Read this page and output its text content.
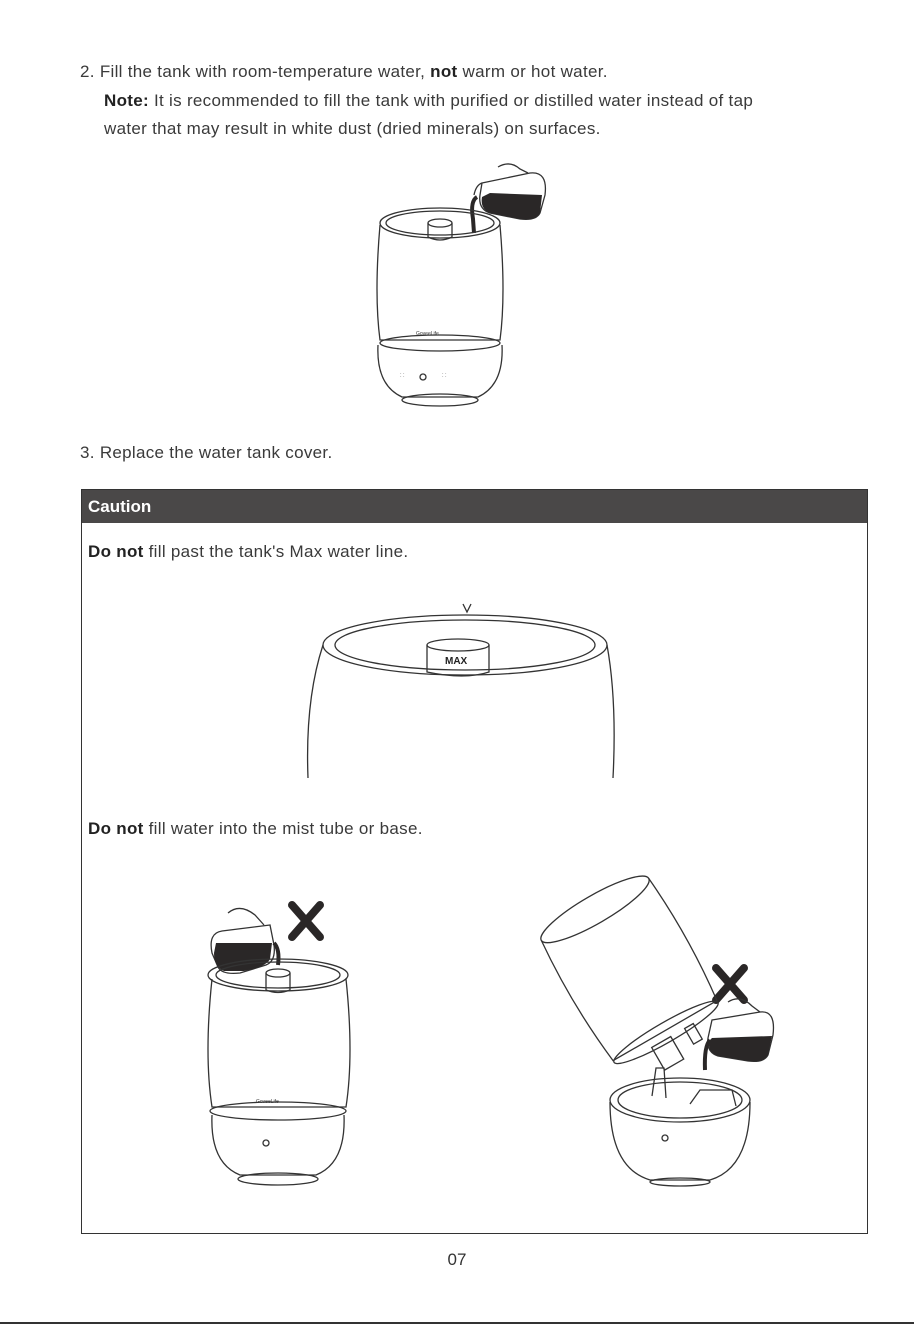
2. Fill the tank with room-temperature water, not warm or hot water.
Note: It is recommended to fill the tank with purified or distilled water instead of tap
water that may result in white dust (dried minerals) on surfaces.
GoveeLife
⁚ ⁚	⁚ ⁚
3. Replace the water tank cover.
Caution
Do not fill past the tank's Max water line.
MAX
Do not fill water into the mist tube or base.
GoveeLife
07
